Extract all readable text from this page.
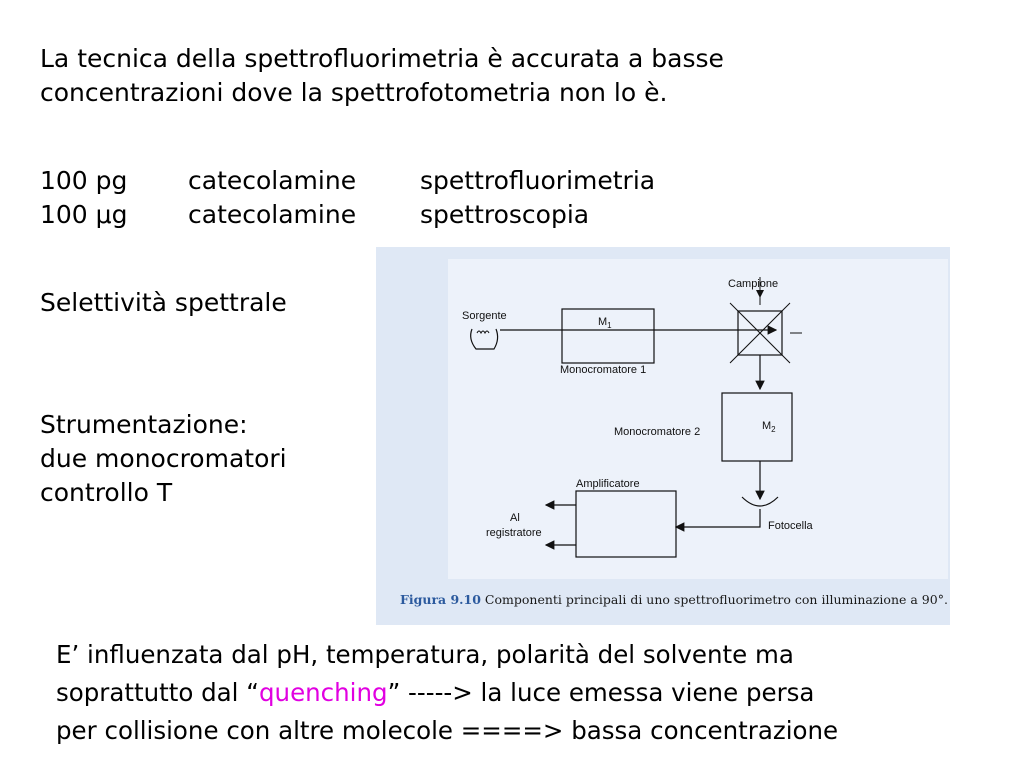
La tecnica della spettrofluorimetria è accurata a basse
concentrazioni dove la spettrofotometria non lo è.
100 pg catecolamine	spettrofluorimetria
100 μg catecolamine	spettroscopia
Selettività spettrale
Strumentazione:
due monocromatori
controllo T
Sorgente	$M_1$
Monocromatore 1
Campione
$M_2$
Monocromatore 2
Fotocella
Amplificatore
Al
registratore
Figura 9.10 Componenti principali di uno spettrofluorimetro con illuminazione a 90°.
E’ influenzata dal pH, temperatura, polarità del solvente ma
soprattutto dal “quenching” -----> la luce emessa viene persa
per collisione con altre molecole ====> bassa concentrazione
